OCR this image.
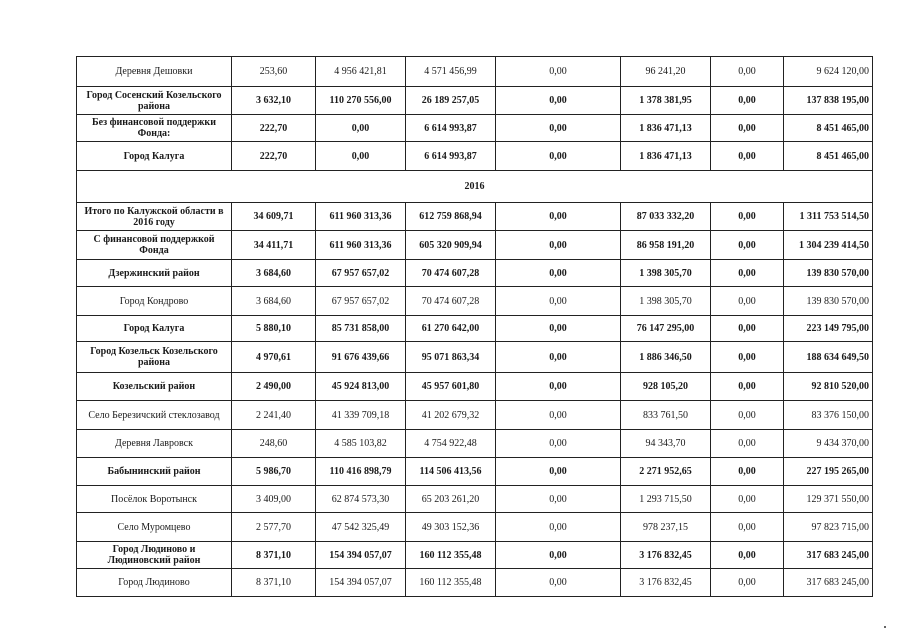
Деревня Дешовки	253,60	4 956 421,81	4 571 456,99	0,00	96 241,20	0,00	9 624 120,00
Город Сосенский Козельского района	3 632,10	110 270 556,00	26 189 257,05	0,00	1 378 381,95	0,00	137 838 195,00
Без финансовой поддержки Фонда:	222,70	0,00	6 614 993,87	0,00	1 836 471,13	0,00	8 451 465,00
Город Калуга	222,70	0,00	6 614 993,87	0,00	1 836 471,13	0,00	8 451 465,00
2016							
Итого по Калужской области в 2016 году	34 609,71	611 960 313,36	612 759 868,94	0,00	87 033 332,20	0,00	1 311 753 514,50
С финансовой поддержкой Фонда	34 411,71	611 960 313,36	605 320 909,94	0,00	86 958 191,20	0,00	1 304 239 414,50
Дзержинский район	3 684,60	67 957 657,02	70 474 607,28	0,00	1 398 305,70	0,00	139 830 570,00
Город Кондрово	3 684,60	67 957 657,02	70 474 607,28	0,00	1 398 305,70	0,00	139 830 570,00
Город Калуга	5 880,10	85 731 858,00	61 270 642,00	0,00	76 147 295,00	0,00	223 149 795,00
Город Козельск Козельского района	4 970,61	91 676 439,66	95 071 863,34	0,00	1 886 346,50	0,00	188 634 649,50
Козельский район	2 490,00	45 924 813,00	45 957 601,80	0,00	928 105,20	0,00	92 810 520,00
Село Березичский стеклозавод	2 241,40	41 339 709,18	41 202 679,32	0,00	833 761,50	0,00	83 376 150,00
Деревня Лавровск	248,60	4 585 103,82	4 754 922,48	0,00	94 343,70	0,00	9 434 370,00
Бабынинский район	5 986,70	110 416 898,79	114 506 413,56	0,00	2 271 952,65	0,00	227 195 265,00
Посёлок Воротынск	3 409,00	62 874 573,30	65 203 261,20	0,00	1 293 715,50	0,00	129 371 550,00
Село Муромцево	2 577,70	47 542 325,49	49 303 152,36	0,00	978 237,15	0,00	97 823 715,00
Город Людиново и Людиновский район	8 371,10	154 394 057,07	160 112 355,48	0,00	3 176 832,45	0,00	317 683 245,00
Город Людиново	8 371,10	154 394 057,07	160 112 355,48	0,00	3 176 832,45	0,00	317 683 245,00
